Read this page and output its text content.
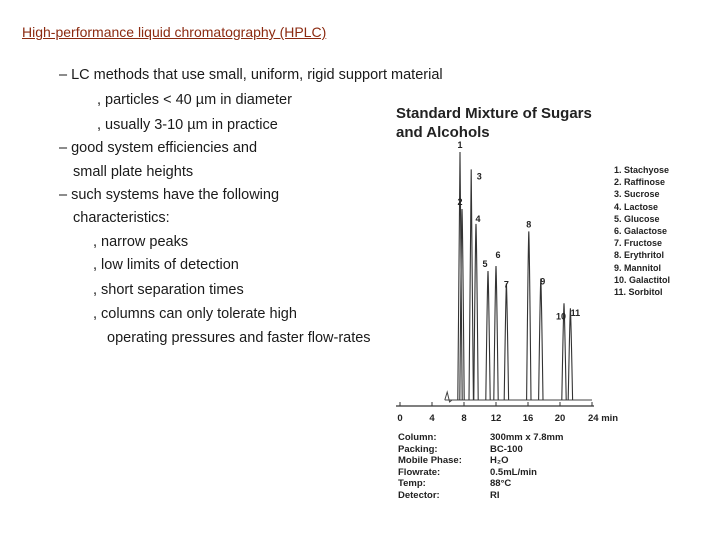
High-performance liquid chromatography (HPLC)
– LC methods that use small, uniform, rigid support material
, particles < 40 µm in diameter
, usually 3-10 µm in practice
– good system efficiencies and
small plate heights
– such systems have the following
characteristics:
, narrow peaks
, low limits of detection
, short separation times
, columns can only tolerate high
operating pressures and faster flow-rates
Standard Mixture of Sugars
and Alcohols
0	4	8	12 16 20 24 min
1
2
3
4
5
6
7
8
9
10 11
1. Stachyose
2. Raffinose
3. Sucrose
4. Lactose
5. Glucose
6. Galactose
7. Fructose
8. Erythritol
9. Mannitol
10. Galactitol
11. Sorbitol
Column:	300mm x 7.8mm
Packing:	BC-100
Mobile Phase:	H₂O
Flowrate:	0.5mL/min
Temp:	88°C
Detector:	RI
